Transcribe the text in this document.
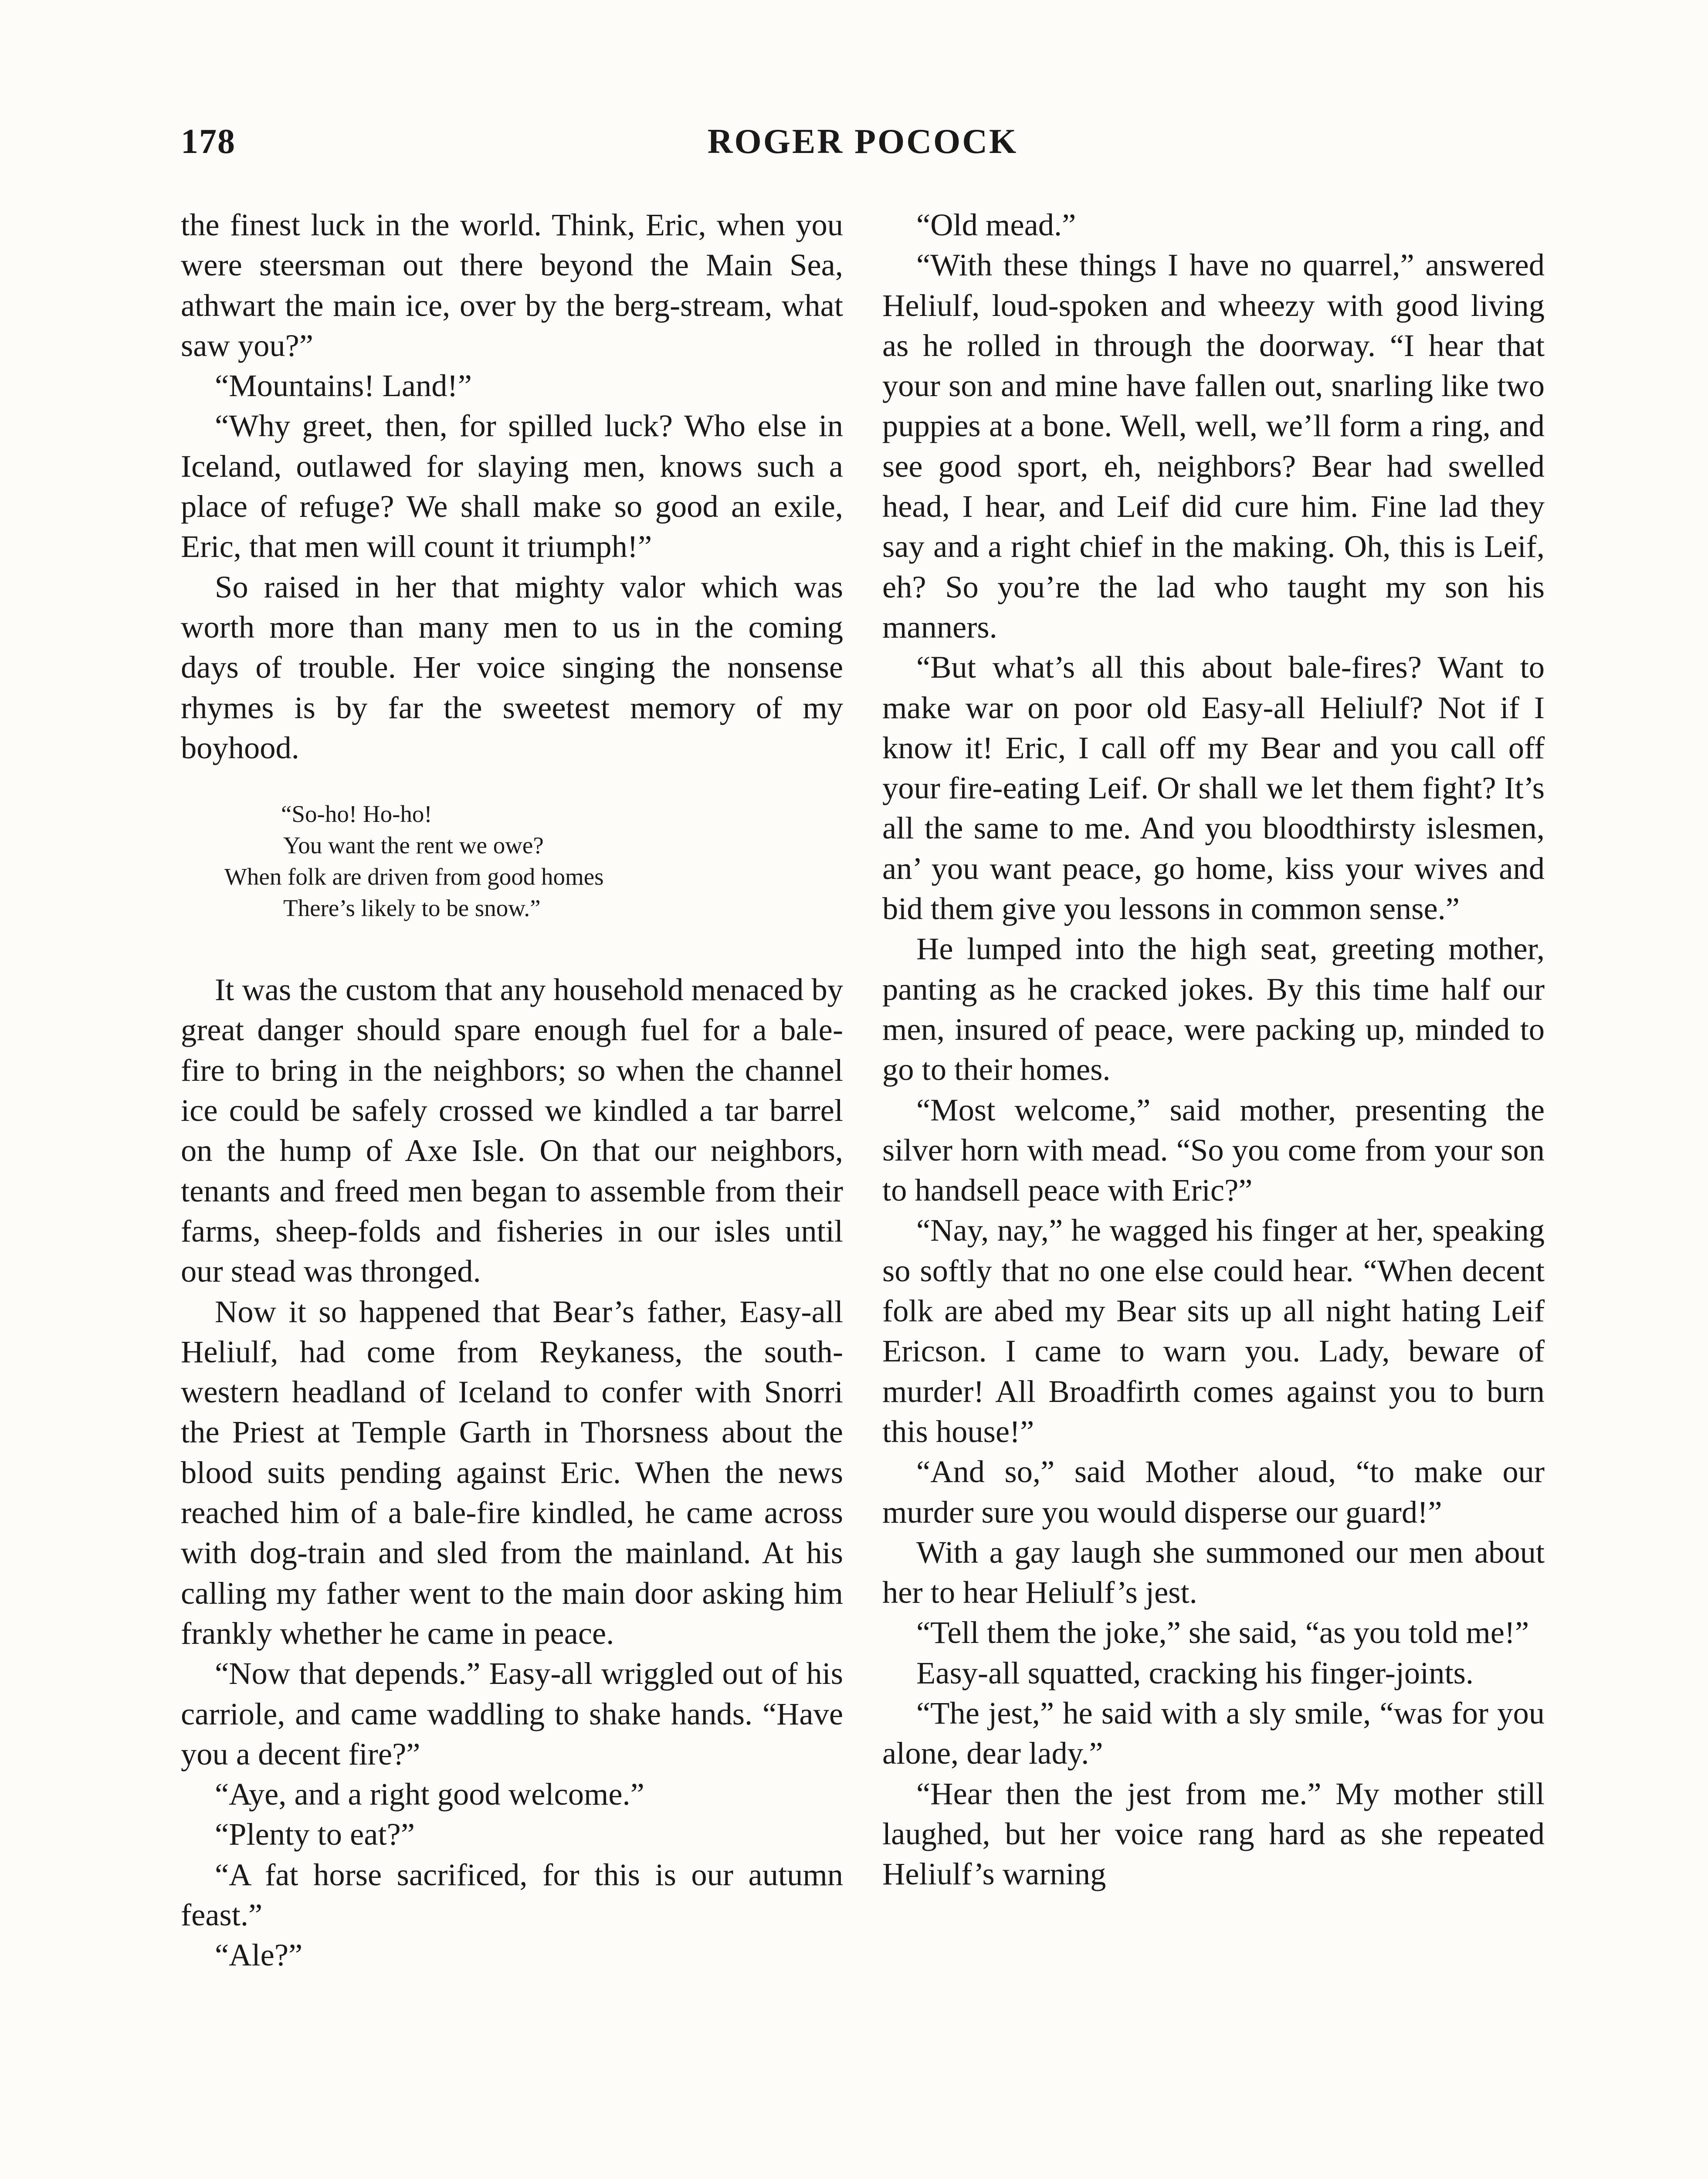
178	ROGER POCOCK

the finest luck in the world. Think, Eric, when you were steersman out there beyond the Main Sea, athwart the main ice, over by the berg-stream, what saw you?”

“Mountains! Land!”

“Why greet, then, for spilled luck? Who else in Iceland, outlawed for slaying men, knows such a place of refuge? We shall make so good an exile, Eric, that men will count it triumph!”

So raised in her that mighty valor which was worth more than many men to us in the coming days of trouble. Her voice singing the nonsense rhymes is by far the sweetest memory of my boyhood.

“So-ho! Ho-ho!
You want the rent we owe?
When folk are driven from good homes
There’s likely to be snow.”

It was the custom that any household menaced by great danger should spare enough fuel for a bale-fire to bring in the neighbors; so when the channel ice could be safely crossed we kindled a tar barrel on the hump of Axe Isle. On that our neighbors, tenants and freed men began to assemble from their farms, sheep-folds and fisheries in our isles until our stead was thronged.

Now it so happened that Bear’s father, Easy-all Heliulf, had come from Reykaness, the south-western headland of Iceland to confer with Snorri the Priest at Temple Garth in Thorsness about the blood suits pending against Eric. When the news reached him of a bale-fire kindled, he came across with dog-train and sled from the mainland. At his calling my father went to the main door asking him frankly whether he came in peace.

“Now that depends.” Easy-all wriggled out of his carriole, and came waddling to shake hands. “Have you a decent fire?”

“Aye, and a right good welcome.”

“Plenty to eat?”

“A fat horse sacrificed, for this is our autumn feast.”

“Ale?”

“Old mead.”

“With these things I have no quarrel,” answered Heliulf, loud-spoken and wheezy with good living as he rolled in through the doorway. “I hear that your son and mine have fallen out, snarling like two puppies at a bone. Well, well, we’ll form a ring, and see good sport, eh, neighbors? Bear had swelled head, I hear, and Leif did cure him. Fine lad they say and a right chief in the making. Oh, this is Leif, eh? So you’re the lad who taught my son his manners.

“But what’s all this about bale-fires? Want to make war on poor old Easy-all Heliulf? Not if I know it! Eric, I call off my Bear and you call off your fire-eating Leif. Or shall we let them fight? It’s all the same to me. And you bloodthirsty islesmen, an’ you want peace, go home, kiss your wives and bid them give you lessons in common sense.”

He lumped into the high seat, greeting mother, panting as he cracked jokes. By this time half our men, insured of peace, were packing up, minded to go to their homes.

“Most welcome,” said mother, presenting the silver horn with mead. “So you come from your son to handsell peace with Eric?”

“Nay, nay,” he wagged his finger at her, speaking so softly that no one else could hear. “When decent folk are abed my Bear sits up all night hating Leif Ericson. I came to warn you. Lady, beware of murder! All Broadfirth comes against you to burn this house!”

“And so,” said Mother aloud, “to make our murder sure you would disperse our guard!”

With a gay laugh she summoned our men about her to hear Heliulf’s jest.

“Tell them the joke,” she said, “as you told me!”

Easy-all squatted, cracking his finger-joints.

“The jest,” he said with a sly smile, “was for you alone, dear lady.”

“Hear then the jest from me.” My mother still laughed, but her voice rang hard as she repeated Heliulf’s warning
